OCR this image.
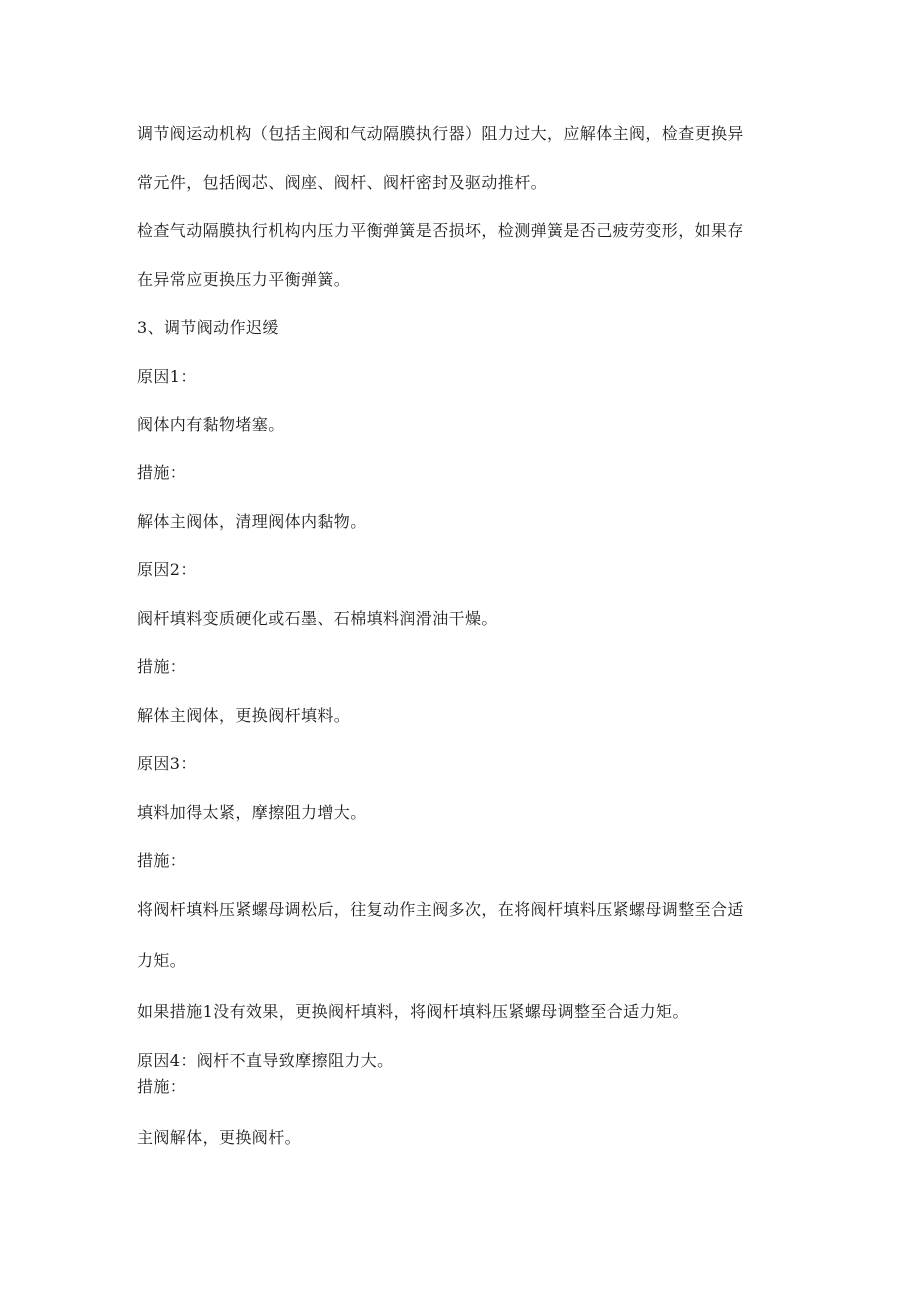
调节阀运动机构（包括主阀和气动隔膜执行器）阻力过大，应解体主阀，检查更换异
常元件，包括阀芯、阀座、阀杆、阀杆密封及驱动推杆。
检查气动隔膜执行机构内压力平衡弹簧是否损坏，检测弹簧是否己疲劳变形，如果存
在异常应更换压力平衡弹簧。
3、调节阀动作迟缓
原因1：
阀体内有黏物堵塞。
措施：
解体主阀体，清理阀体内黏物。
原因2：
阀杆填料变质硬化或石墨、石棉填料润滑油干燥。
措施：
解体主阀体，更换阀杆填料。
原因3：
填料加得太紧，摩擦阻力增大。
措施：
将阀杆填料压紧螺母调松后，往复动作主阀多次，在将阀杆填料压紧螺母调整至合适
力矩。
如果措施1没有效果，更换阀杆填料，将阀杆填料压紧螺母调整至合适力矩。
原因4：阀杆不直导致摩擦阻力大。
措施：
主阀解体，更换阀杆。
